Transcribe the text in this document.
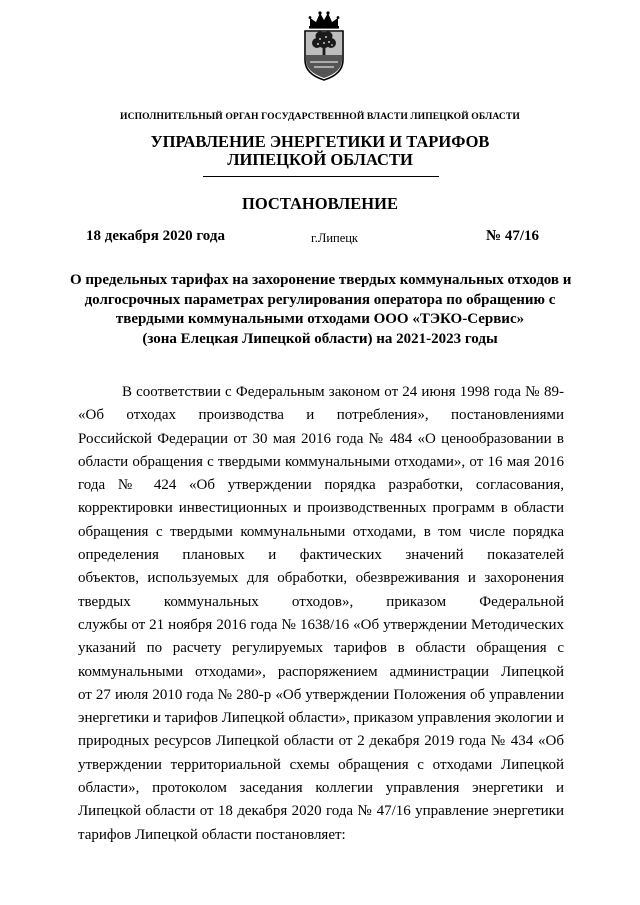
ИСПОЛНИТЕЛЬНЫЙ ОРГАН ГОСУДАРСТВЕННОЙ ВЛАСТИ ЛИПЕЦКОЙ ОБЛАСТИ
УПРАВЛЕНИЕ ЭНЕРГЕТИКИ И ТАРИФОВ
ЛИПЕЦКОЙ ОБЛАСТИ
ПОСТАНОВЛЕНИЕ
18 декабря 2020 года	г.Липецк	№ 47/16
О предельных тарифах на захоронение твердых коммунальных отходов и
долгосрочных параметрах регулирования оператора по обращению с
твердыми коммунальными отходами ООО «ТЭКО-Сервис»
(зона Елецкая Липецкой области) на 2021-2023 годы
В соответствии с Федеральным законом от 24 июня 1998 года № 89-
«Об отходах производства и потребления», постановлениями
Российской Федерации от 30 мая 2016 года № 484 «О ценообразовании в
области обращения с твердыми коммунальными отходами», от 16 мая 2016
года № 424 «Об утверждении порядка разработки, согласования,
корректировки инвестиционных и производственных программ в области
обращения с твердыми коммунальными отходами, в том числе порядка
определения плановых и фактических значений показателей
объектов, используемых для обработки, обезвреживания и захоронения
твердых коммунальных отходов», приказом Федеральной
службы от 21 ноября 2016 года № 1638/16 «Об утверждении Методических
указаний по расчету регулируемых тарифов в области обращения с
коммунальными отходами», распоряжением администрации Липецкой
от 27 июля 2010 года № 280-р «Об утверждении Положения об управлении
энергетики и тарифов Липецкой области», приказом управления экологии и
природных ресурсов Липецкой области от 2 декабря 2019 года № 434 «Об
утверждении территориальной схемы обращения с отходами Липецкой
области», протоколом заседания коллегии управления энергетики и
Липецкой области от 18 декабря 2020 года № 47/16 управление энергетики
тарифов Липецкой области постановляет:
